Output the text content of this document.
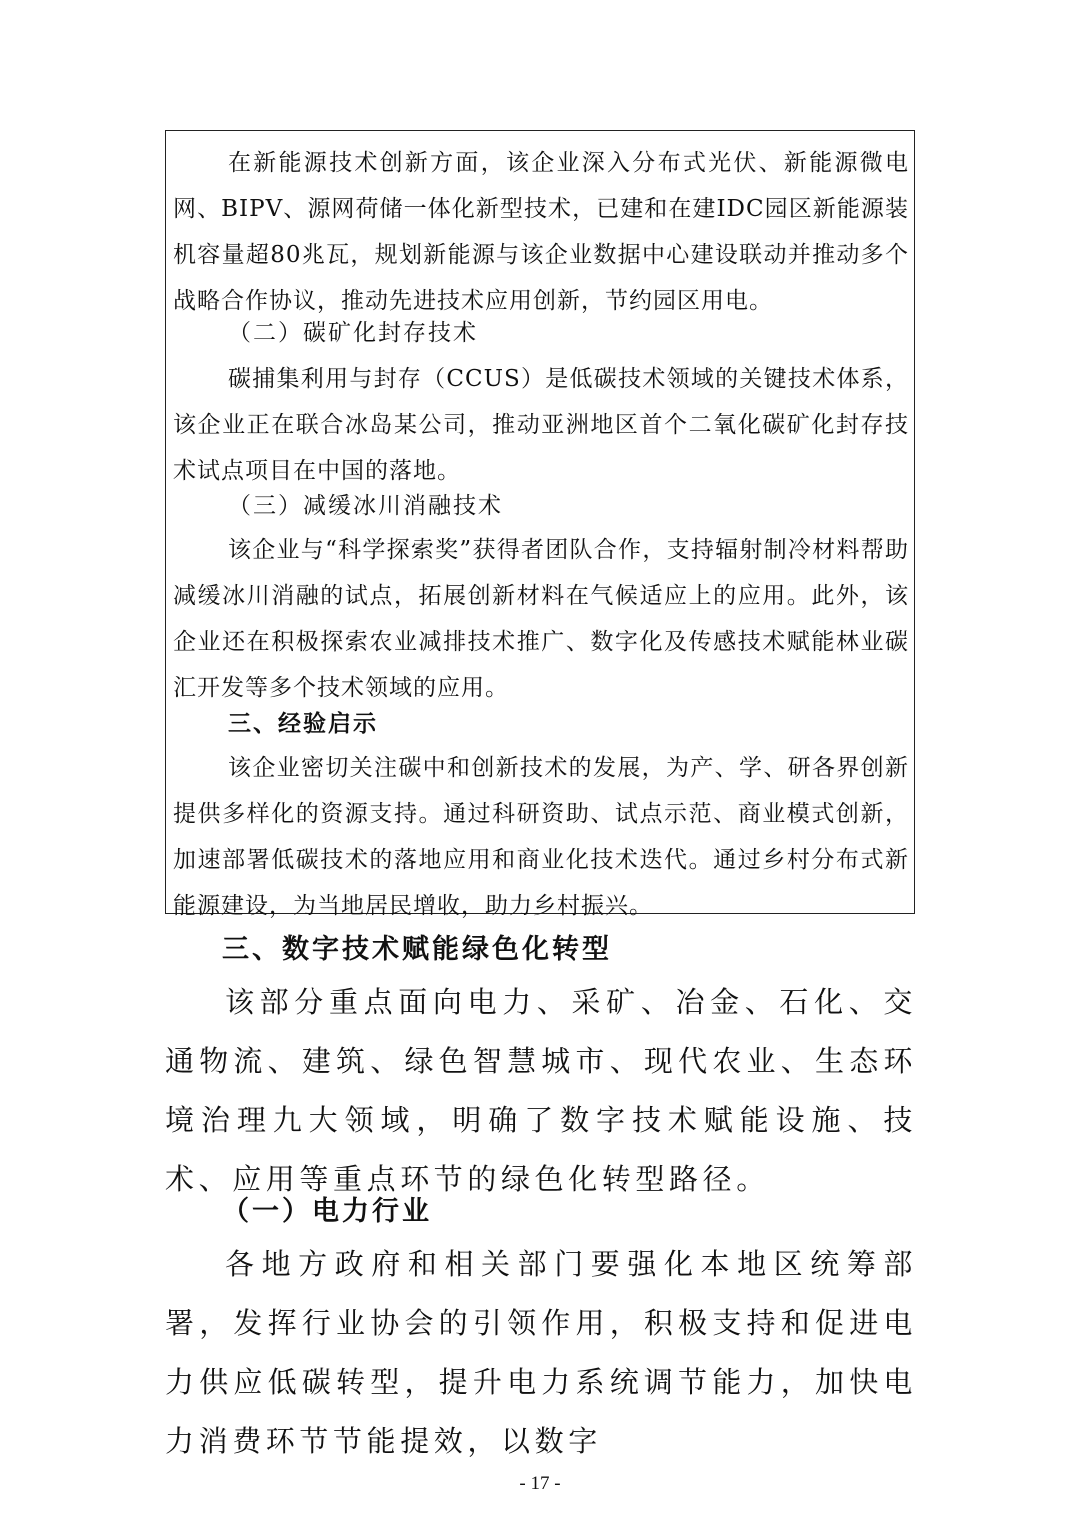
在新能源技术创新方面，该企业深入分布式光伏、新能源微电网、BIPV、源网荷储一体化新型技术，已建和在建IDC园区新能源装机容量超80兆瓦，规划新能源与该企业数据中心建设联动并推动多个战略合作协议，推动先进技术应用创新，节约园区用电。

（二）碳矿化封存技术

碳捕集利用与封存（CCUS）是低碳技术领域的关键技术体系，该企业正在联合冰岛某公司，推动亚洲地区首个二氧化碳矿化封存技术试点项目在中国的落地。

（三）减缓冰川消融技术

该企业与“科学探索奖”获得者团队合作，支持辐射制冷材料帮助减缓冰川消融的试点，拓展创新材料在气候适应上的应用。此外，该企业还在积极探索农业减排技术推广、数字化及传感技术赋能林业碳汇开发等多个技术领域的应用。

三、经验启示

该企业密切关注碳中和创新技术的发展，为产、学、研各界创新提供多样化的资源支持。通过科研资助、试点示范、商业模式创新，加速部署低碳技术的落地应用和商业化技术迭代。通过乡村分布式新能源建设，为当地居民增收，助力乡村振兴。

三、数字技术赋能绿色化转型

该部分重点面向电力、采矿、冶金、石化、交通物流、建筑、绿色智慧城市、现代农业、生态环境治理九大领域，明确了数字技术赋能设施、技术、应用等重点环节的绿色化转型路径。

（一）电力行业

各地方政府和相关部门要强化本地区统筹部署，发挥行业协会的引领作用，积极支持和促进电力供应低碳转型，提升电力系统调节能力，加快电力消费环节节能提效，以数字

- 17 -
